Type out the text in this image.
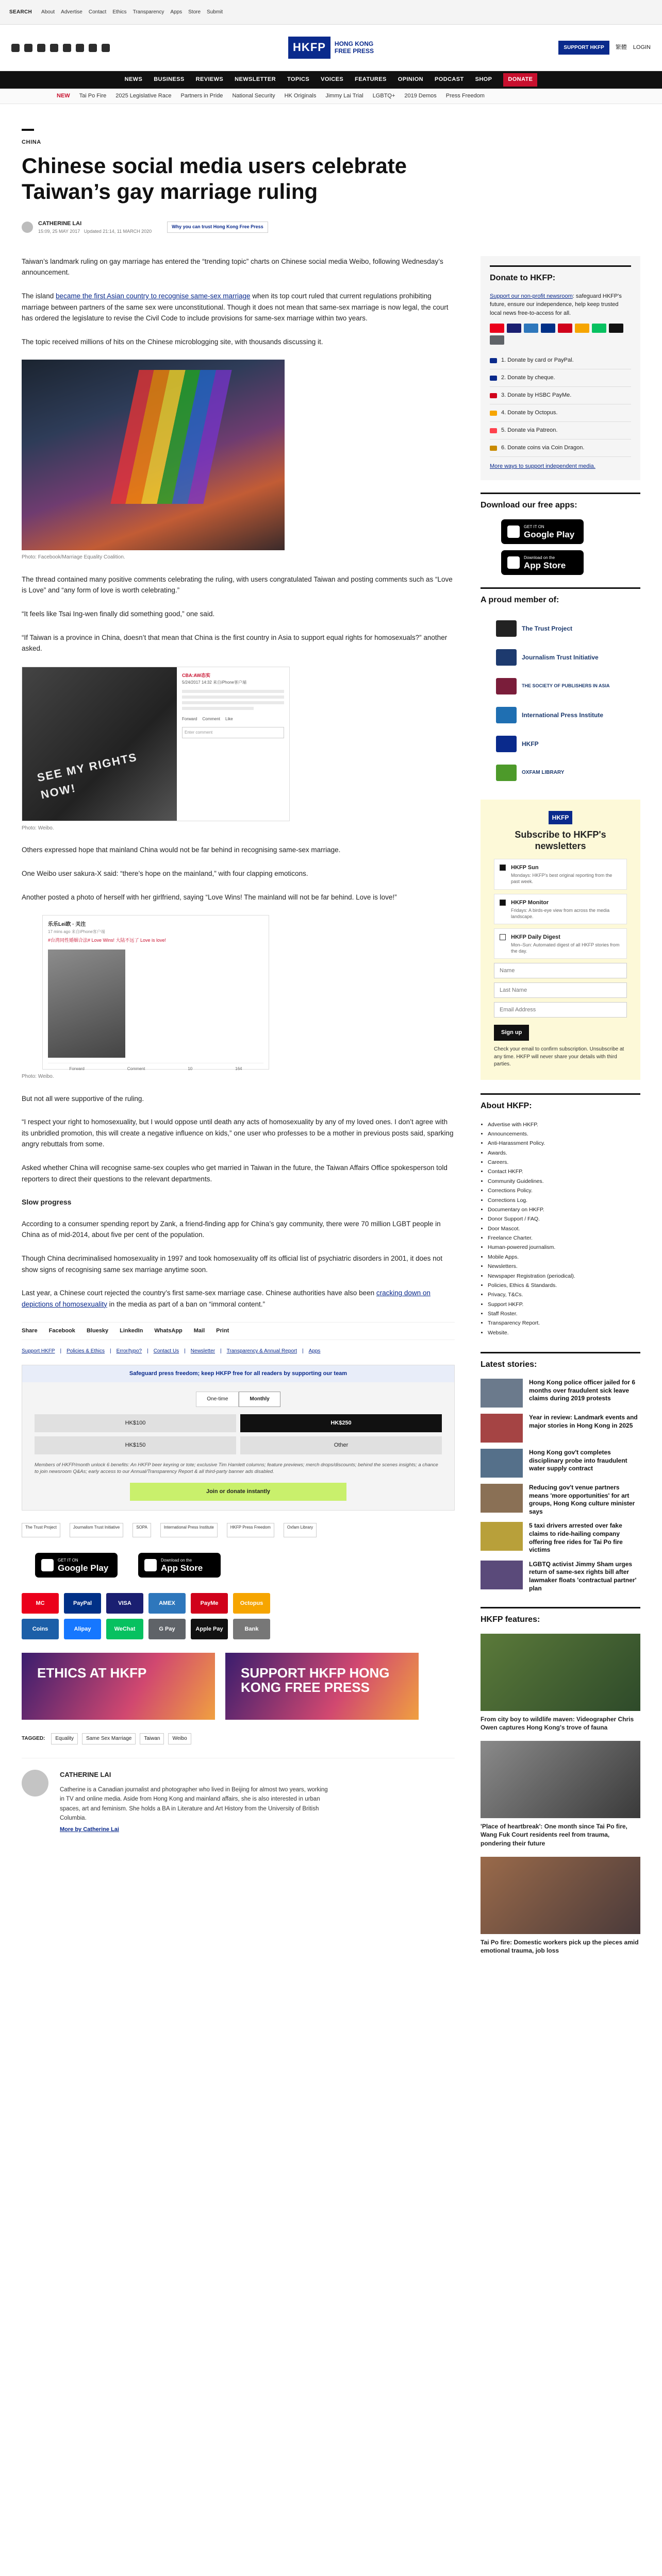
SEARCH About Advertise Contact Ethics Transparency Apps Store Submit
HKFP	HONG KONG
FREE PRESS	SUPPORT HKFP	繁體 LOGIN
NEWS BUSINESS REVIEWS NEWSLETTER TOPICS VOICES FEATURES OPINION PODCAST SHOP	DONATE
NEW Tai Po Fire 2025 Legislative Race Partners in Pride National Security HK Originals Jimmy Lai Trial LGBTQ+ 2019 Demos Press Freedom
CHINA
Chinese social media users celebrate Taiwan’s gay marriage ruling
CATHERINE LAI
15:09, 25 MAY 2017 Updated 21:14, 11 MARCH 2020
Why you can trust Hong Kong Free Press

Taiwan’s landmark ruling on gay marriage has entered the “trending topic” charts on Chinese social media Weibo, following Wednesday’s announcement.

The island became the first Asian country to recognise same-sex marriage when its top court ruled that current regulations prohibiting marriage between partners of the same sex were unconstitutional. Though it does not mean that same-sex marriage is now legal, the court has ordered the legislature to revise the Civil Code to include provisions for same-sex marriage within two years.

The topic received millions of hits on the Chinese microblogging site, with thousands discussing it.

Photo: Facebook/Marriage Equality Coalition.

The thread contained many positive comments celebrating the ruling, with users congratulated Taiwan and posting comments such as “Love is Love” and “any form of love is worth celebrating.”

“It feels like Tsai Ing-wen finally did something good,” one said.

“If Taiwan is a province in China, doesn’t that mean that China is the first country in Asia to support equal rights for homosexuals?” another asked.

SEE MY RIGHTS NOW!
CBA:AW态实
5/24/2017 14:32 来自iPhone客户端
Forward Comment Like
Enter comment
Photo: Weibo.

Others expressed hope that mainland China would not be far behind in recognising same-sex marriage.

One Weibo user sakura-X said: “there’s hope on the mainland,” with four clapping emoticons.

Another posted a photo of herself with her girlfriend, saying “Love Wins! The mainland will not be far behind. Love is love!”

乐乐Lei欧 · 关注
17 mins ago 来自iPhone客户端
#台湾同性婚姻合法# Love Wins! 大陆不远了 Love is love!
Forward	Comment	10	164
Photo: Weibo.

But not all were supportive of the ruling.

“I respect your right to homosexuality, but I would oppose until death any acts of homosexuality by any of my loved ones. I don’t agree with its unbridled promotion, this will create a negative influence on kids,” one user who professes to be a mother in previous posts said, sparking angry rebuttals from some.

Asked whether China will recognise same-sex couples who get married in Taiwan in the future, the Taiwan Affairs Office spokesperson told reporters to direct their questions to the relevant departments.

Slow progress

According to a consumer spending report by Zank, a friend-finding app for China’s gay community, there were 70 million LGBT people in China as of mid-2014, about five per cent of the population.

Though China decriminalised homosexuality in 1997 and took homosexuality off its official list of psychiatric disorders in 2001, it does not show signs of recognising same sex marriage anytime soon.

Last year, a Chinese court rejected the country’s first same-sex marriage case. Chinese authorities have also been cracking down on depictions of homosexuality in the media as part of a ban on “immoral content.”

Share Facebook Bluesky LinkedIn WhatsApp Mail Print
Support HKFP | Policies & Ethics | Error/typo? | Contact Us | Newsletter | Transparency & Annual Report | Apps
Safeguard press freedom; keep HKFP free for all readers by supporting our team
One-time	Monthly
HK$100	HK$250
HK$150	Other
Members of HKFP/month unlock 6 benefits: An HKFP beer keyring or tote; exclusive Tim Hamlett columns; feature previews; merch drops/discounts; behind the scenes insights; a chance to join newsroom Q&As; early access to our Annual/Transparency Report & all third-party banner ads disabled.
Join or donate instantly
The Trust Project	Journalism Trust Initiative	SOPA	International Press Institute	HKFP Press Freedom	Oxfam Library
GET IT ON
Google Play
Download on the
App Store
MC	PayPal	VISA	AMEX	PayMe	Octopus
Coins	Alipay	WeChat	G Pay	Apple Pay	Bank
ETHICS AT HKFP	SUPPORT HKFP HONG KONG FREE PRESS
TAGGED:	Equality	Same Sex Marriage	Taiwan	Weibo
CATHERINE LAI
Catherine is a Canadian journalist and photographer who lived in Beijing for almost two years, working in TV and online media. Aside from Hong Kong and mainland affairs, she is also interested in urban spaces, art and feminism. She holds a BA in Literature and Art History from the University of British Columbia.
More by Catherine Lai
Donate to HKFP:

Support our non-profit newsroom: safeguard HKFP's future, ensure our independence, help keep trusted local news free-to-access for all.

1. Donate by card or PayPal.
2. Donate by cheque.
3. Donate by HSBC PayMe.
4. Donate by Octopus.
5. Donate via Patreon.
6. Donate coins via Coin Dragon.
More ways to support independent media.
Download our free apps:
GET IT ON
Google Play
Download on the
App Store
A proud member of:
The Trust Project
Journalism Trust Initiative
THE SOCIETY OF PUBLISHERS IN ASIA
International Press Institute
HKFP
OXFAM LIBRARY
HKFP
Subscribe to HKFP's newsletters
HKFP Sun
Mondays: HKFP's best original reporting from the past week.
HKFP Monitor
Fridays: A birds-eye view from across the media landscape.
HKFP Daily Digest
Mon–Sun: Automated digest of all HKFP stories from the day.
Name Last Name Email Address Sign up
Check your email to confirm subscription. Unsubscribe at any time. HKFP will never share your details with third parties.
About HKFP:
• Advertise with HKFP.
• Announcements.
• Anti-Harassment Policy.
• Awards.
• Careers.
• Contact HKFP.
• Community Guidelines.
• Corrections Policy.
• Corrections Log.
• Documentary on HKFP.
• Donor Support / FAQ.
• Door Mascot.
• Freelance Charter.
• Human-powered journalism.
• Mobile Apps.
• Newsletters.
• Newspaper Registration (periodical).
• Policies, Ethics & Standards.
• Privacy, T&Cs.
• Support HKFP.
• Staff Roster.
• Transparency Report.
• Website.
Latest stories:
Hong Kong police officer jailed for 6 months over fraudulent sick leave claims during 2019 protests
Year in review: Landmark events and major stories in Hong Kong in 2025
Hong Kong gov't completes disciplinary probe into fraudulent water supply contract
Reducing gov't venue partners means 'more opportunities' for art groups, Hong Kong culture minister says
5 taxi drivers arrested over fake claims to ride-hailing company offering free rides for Tai Po fire victims
LGBTQ activist Jimmy Sham urges return of same-sex rights bill after lawmaker floats 'contractual partner' plan
HKFP features:
From city boy to wildlife maven: Videographer Chris Owen captures Hong Kong's trove of fauna
'Place of heartbreak': One month since Tai Po fire, Wang Fuk Court residents reel from trauma, pondering their future
Tai Po fire: Domestic workers pick up the pieces amid emotional trauma, job loss
